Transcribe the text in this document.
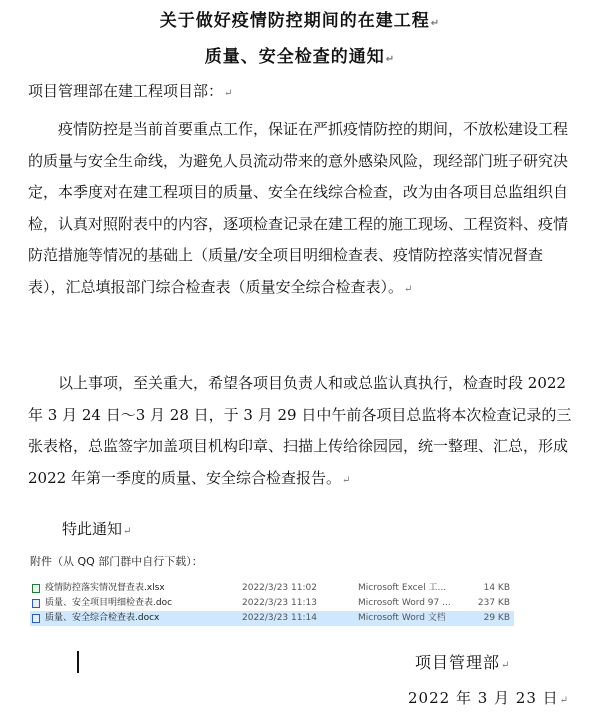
关于做好疫情防控期间的在建工程↵
质量、安全检查的通知↵
项目管理部在建工程项目部：↵
疫情防控是当前首要重点工作，保证在严抓疫情防控的期间，不放松建设工程的质量与安全生命线，为避免人员流动带来的意外感染风险，现经部门班子研究决定，本季度对在建工程项目的质量、安全在线综合检查，改为由各项目总监组织自检，认真对照附表中的内容，逐项检查记录在建工程的施工现场、工程资料、疫情防范措施等情况的基础上（质量/安全项目明细检查表、疫情防控落实情况督查表），汇总填报部门综合检查表（质量安全综合检查表）。↵
以上事项，至关重大，希望各项目负责人和或总监认真执行，检查时段 2022 年 3 月 24 日～3 月 28 日，于 3 月 29 日中午前各项目总监将本次检查记录的三张表格，总监签字加盖项目机构印章、扫描上传给徐园园，统一整理、汇总，形成 2022 年第一季度的质量、安全综合检查报告。↵
特此通知↵
附件（从 QQ 部门群中自行下载）：
疫情防控落实情况督查表.xlsx	2022/3/23 11:02	Microsoft Excel 工...	14 KB
质量、安全项目明细检查表.doc	2022/3/23 11:13	Microsoft Word 97 ...	237 KB
质量、安全综合检查表.docx	2022/3/23 11:14	Microsoft Word 文档	29 KB
项目管理部↵
2022 年 3 月 23 日↵
